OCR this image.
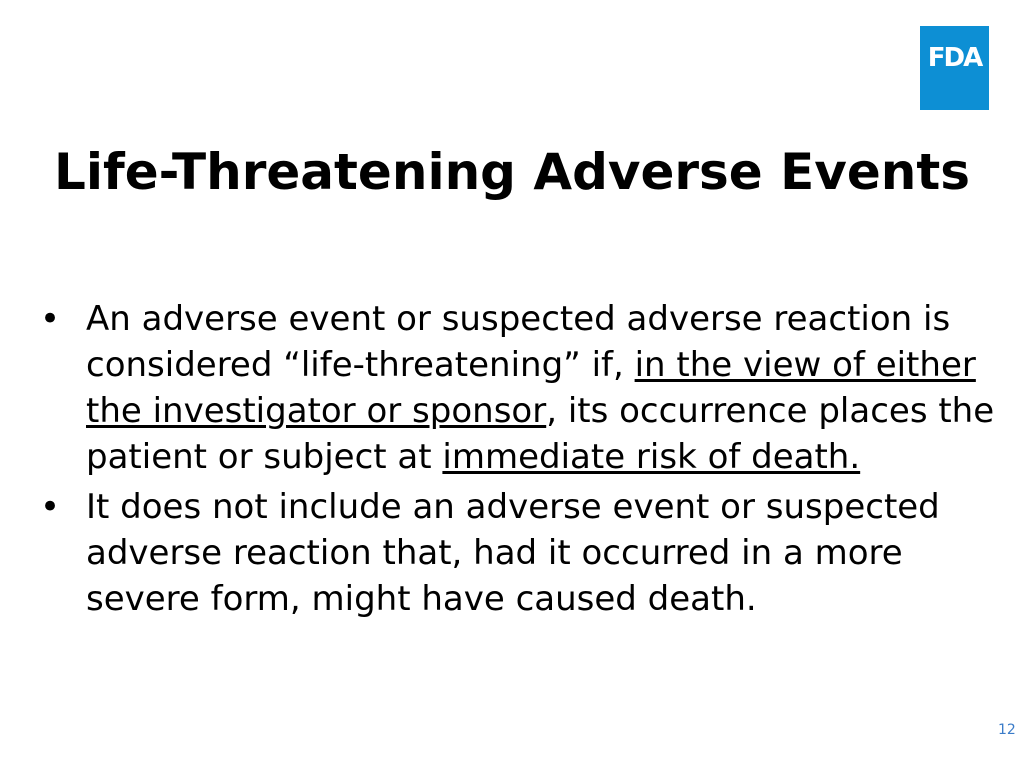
FDA
Life-Threatening Adverse Events
• An adverse event or suspected adverse reaction is considered “life-threatening” if, in the view of either the investigator or sponsor, its occurrence places the patient or subject at immediate risk of death.
• It does not include an adverse event or suspected adverse reaction that, had it occurred in a more severe form, might have caused death.
12
